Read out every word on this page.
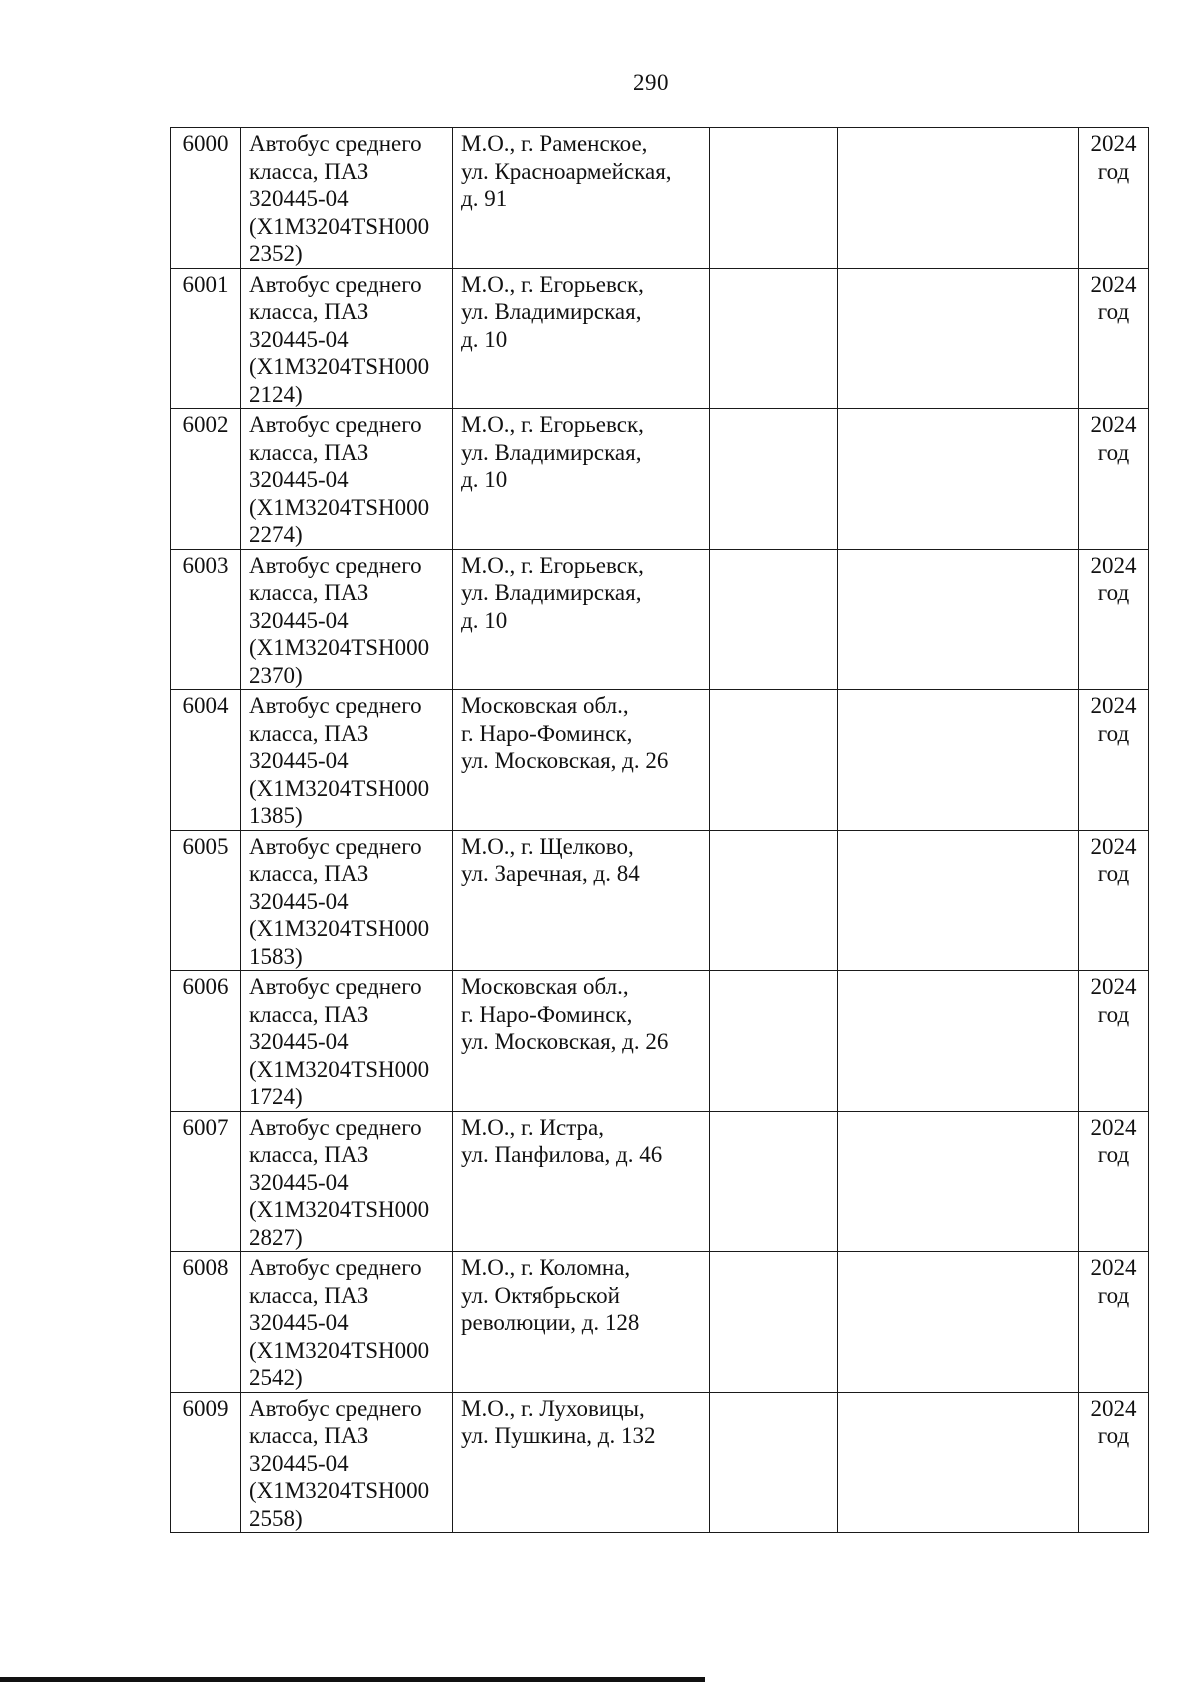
290
6000	Автобус среднего
класса, ПАЗ
320445-04
(X1M3204TSH000
2352)	М.О., г. Раменское,
ул. Красноармейская,
д. 91			2024
год

6001	Автобус среднего
класса, ПАЗ
320445-04
(X1M3204TSH000
2124)	М.О., г. Егорьевск,
ул. Владимирская,
д. 10			2024
год

6002	Автобус среднего
класса, ПАЗ
320445-04
(X1M3204TSH000
2274)	М.О., г. Егорьевск,
ул. Владимирская,
д. 10			2024
год

6003	Автобус среднего
класса, ПАЗ
320445-04
(X1M3204TSH000
2370)	М.О., г. Егорьевск,
ул. Владимирская,
д. 10			2024
год

6004	Автобус среднего
класса, ПАЗ
320445-04
(X1M3204TSH000
1385)	Московская обл.,
г. Наро-Фоминск,
ул. Московская, д. 26			2024
год

6005	Автобус среднего
класса, ПАЗ
320445-04
(X1M3204TSH000
1583)	М.О., г. Щелково,
ул. Заречная, д. 84			2024
год

6006	Автобус среднего
класса, ПАЗ
320445-04
(X1M3204TSH000
1724)	Московская обл.,
г. Наро-Фоминск,
ул. Московская, д. 26			2024
год

6007	Автобус среднего
класса, ПАЗ
320445-04
(X1M3204TSH000
2827)	М.О., г. Истра,
ул. Панфилова, д. 46			2024
год

6008	Автобус среднего
класса, ПАЗ
320445-04
(X1M3204TSH000
2542)	М.О., г. Коломна,
ул. Октябрьской
революции, д. 128			2024
год

6009	Автобус среднего
класса, ПАЗ
320445-04
(X1M3204TSH000
2558)	М.О., г. Луховицы,
ул. Пушкина, д. 132			2024
год
